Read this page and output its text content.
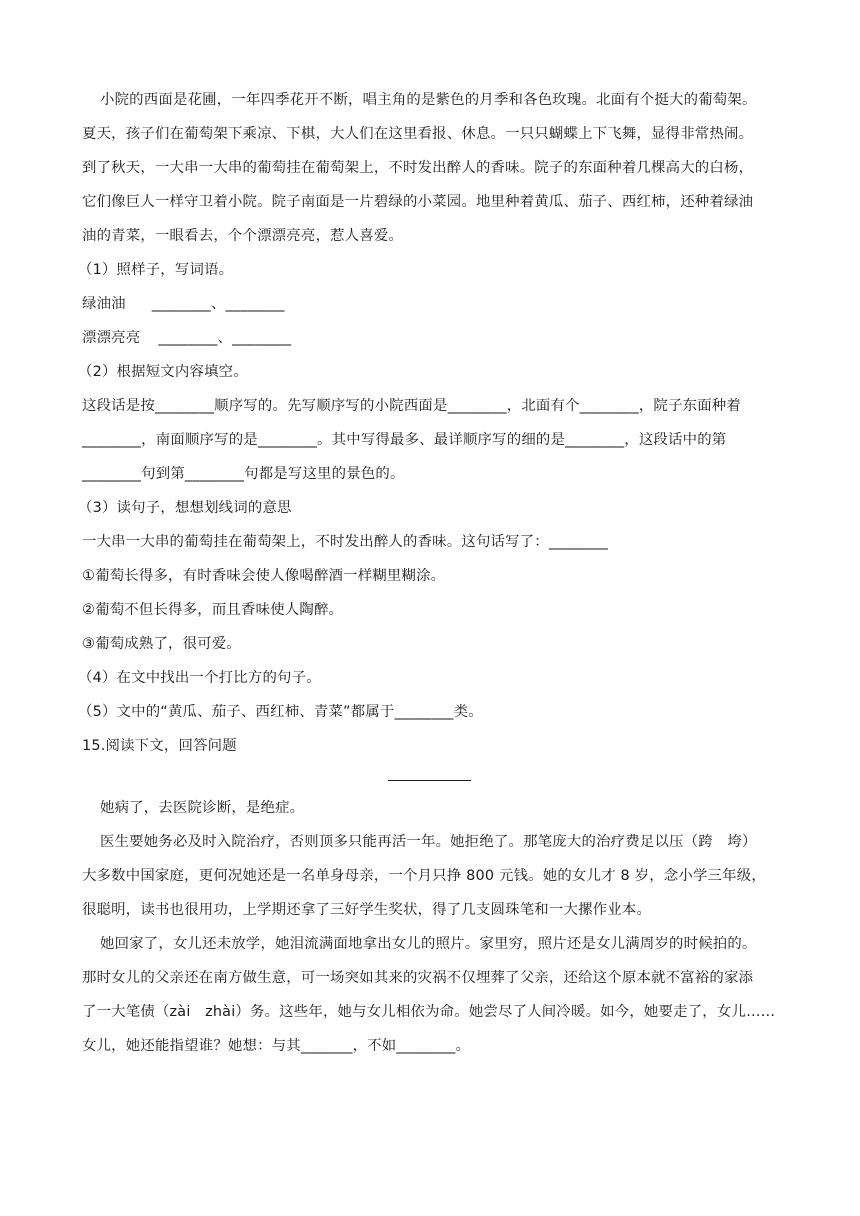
小院的西面是花圃，一年四季花开不断，唱主角的是紫色的月季和各色玫瑰。北面有个挺大的葡萄架。
夏天，孩子们在葡萄架下乘凉、下棋，大人们在这里看报、休息。一只只蝴蝶上下飞舞，显得非常热闹。
到了秋天，一大串一大串的葡萄挂在葡萄架上，不时发出醉人的香味。院子的东面种着几棵高大的白杨，
它们像巨人一样守卫着小院。院子南面是一片碧绿的小菜园。地里种着黄瓜、茄子、西红柿，还种着绿油
油的青菜，一眼看去，个个漂漂亮亮，惹人喜爱。
（1）照样子，写词语。
绿油油 ________、________
漂漂亮亮 ________、________
（2）根据短文内容填空。
这段话是按________顺序写的。先写顺序写的小院西面是________，北面有个________，院子东面种着
________，南面顺序写的是________。其中写得最多、最详顺序写的细的是________，这段话中的第
________句到第________句都是写这里的景色的。
（3）读句子，想想划线词的意思
一大串一大串的葡萄挂在葡萄架上，不时发出醉人的香味。这句话写了：________
①葡萄长得多，有时香味会使人像喝醉酒一样糊里糊涂。
②葡萄不但长得多，而且香味使人陶醉。
③葡萄成熟了，很可爱。
（4）在文中找出一个打比方的句子。
（5）文中的“黄瓜、茄子、西红柿、青菜”都属于________类。
15.阅读下文，回答问题
她病了，去医院诊断，是绝症。
医生要她务必及时入院治疗，否则顶多只能再活一年。她拒绝了。那笔庞大的治疗费足以压（跨　垮）
大多数中国家庭，更何况她还是一名单身母亲，一个月只挣 800 元钱。她的女儿才 8 岁，念小学三年级，
很聪明，读书也很用功，上学期还拿了三好学生奖状，得了几支圆珠笔和一大摞作业本。
她回家了，女儿还未放学，她泪流满面地拿出女儿的照片。家里穷，照片还是女儿满周岁的时候拍的。
那时女儿的父亲还在南方做生意，可一场突如其来的灾祸不仅埋葬了父亲，还给这个原本就不富裕的家添
了一大笔债（zài　zhài）务。这些年，她与女儿相依为命。她尝尽了人间冷暖。如今，她要走了，女儿……
女儿，她还能指望谁？她想：与其_______，不如________。
